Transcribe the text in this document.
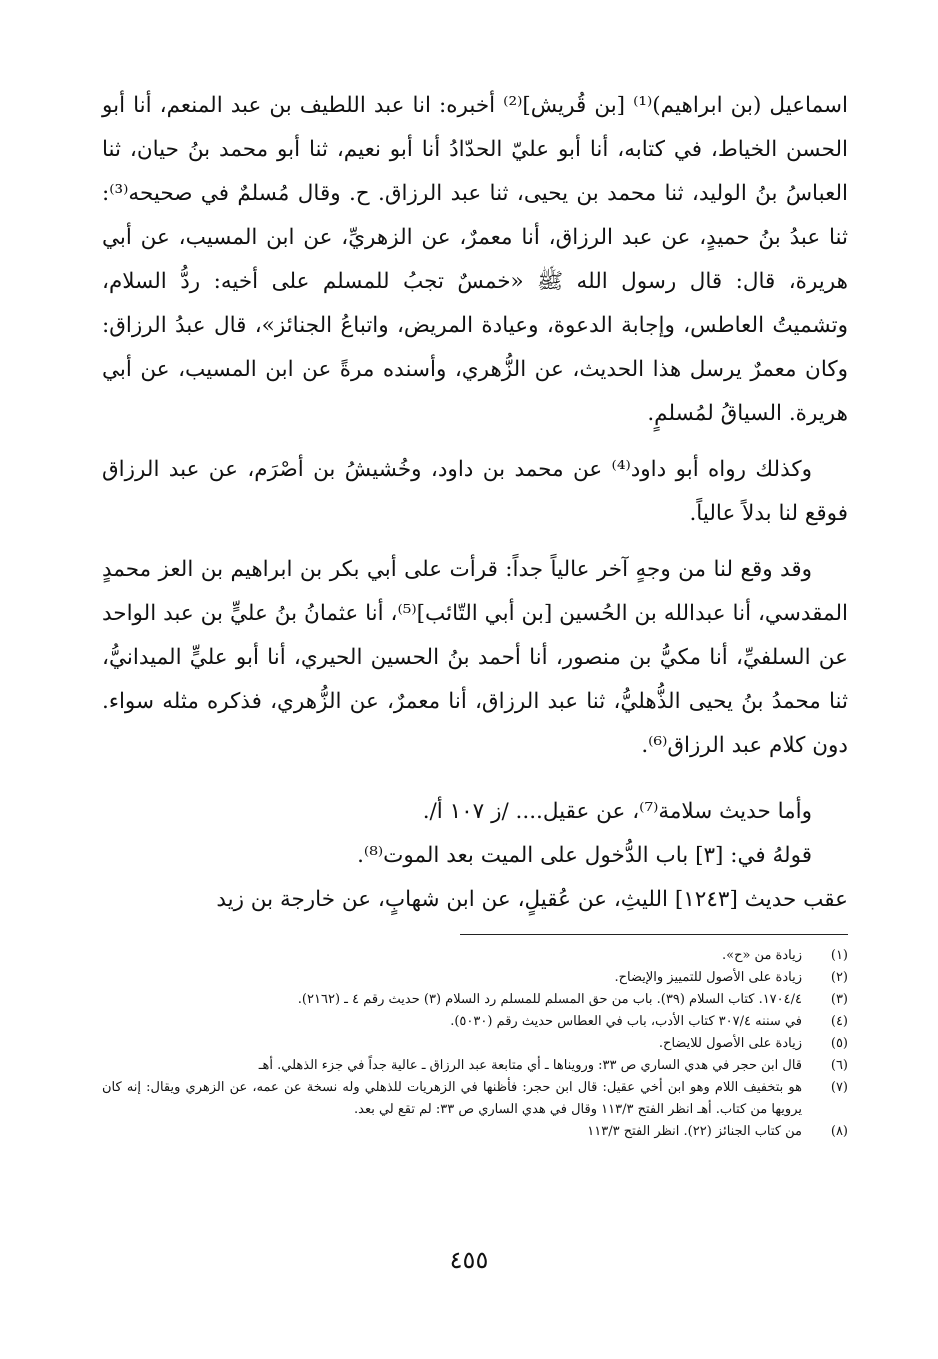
اسماعيل (بن ابراهيم)⁽¹⁾ [بن قُريش]⁽²⁾ أخبره: انا عبد اللطيف بن عبد المنعم، أنا أبو الحسن الخياط، في كتابه، أنا أبو عليّ الحدّادُ أنا أبو نعيم، ثنا أبو محمد بنُ حيان، ثنا العباسُ بنُ الوليد، ثنا محمد بن يحيى، ثنا عبد الرزاق. ح. وقال مُسلمٌ في صحيحه⁽³⁾: ثنا عبدُ بنُ حميدٍ، عن عبد الرزاق، أنا معمرٌ، عن الزهريِّ، عن ابن المسيب، عن أبي هريرة، قال: قال رسول الله ﷺ «خمسٌ تجبُ للمسلم على أخيه: ردُّ السلام، وتشميتُ العاطس، وإجابة الدعوة، وعيادة المريض، واتباعُ الجنائز»، قال عبدُ الرزاق: وكان معمرٌ يرسل هذا الحديث، عن الزُّهري، وأسنده مرةً عن ابن المسيب، عن أبي هريرة. السياقُ لمُسلمٍ.

وكذلك رواه أبو داود⁽⁴⁾ عن محمد بن داود، وخُشيشُ بن أصْرَم، عن عبد الرزاق فوقع لنا بدلاً عالياً.

وقد وقع لنا من وجهٍ آخر عالياً جداً: قرأت على أبي بكر بن ابراهيم بن العز محمدٍ المقدسي، أنا عبدالله بن الحُسين [بن أبي التّائب]⁽⁵⁾، أنا عثمانُ بنُ عليٍّ بن عبد الواحد عن السلفيِّ، أنا مكيُّ بن منصور، أنا أحمد بنُ الحسين الحيري، أنا أبو عليٍّ الميدانيُّ، ثنا محمدُ بنُ يحيى الذُّهليُّ، ثنا عبد الرزاق، أنا معمرٌ، عن الزُّهري، فذكره مثله سواء. دون كلام عبد الرزاق⁽⁶⁾.

وأما حديث سلامة⁽⁷⁾، عن عقيل.... /ز ١٠٧ أ/.

قولهُ في: [٣] باب الدُّخول على الميت بعد الموت⁽⁸⁾.

عقب حديث [١٢٤٣] الليثِ، عن عُقيلٍ، عن ابن شهابٍ، عن خارجة بن زيد

(١)
زيادة من «ح».
(٢)
زيادة على الأصول للتمييز والإيضاح.
(٣)
١٧٠٤/٤. كتاب السلام (٣٩). باب من حق المسلم للمسلم رد السلام (٣) حديث رقم ٤ ـ (٢١٦٢).
(٤)
في سننه ٣٠٧/٤ كتاب الأدب، باب في العطاس حديث رقم (٥٠٣٠).
(٥)
زيادة على الأصول للايضاح.
(٦)
قال ابن حجر في هدي الساري ص ٣٣: ورويناها ـ أي متابعة عبد الرزاق ـ عالية جداً في جزء الذهلي. أهـ
(٧)
هو بتخفيف اللام وهو ابن أخي عقيل: قال ابن حجر: فأظنها في الزهريات للذهلي وله نسخة عن عمه، عن الزهري ويقال: إنه كان يرويها من كتاب. أهـ انظر الفتح ١١٣/٣ وقال في هدي الساري ص ٣٣: لم تقع لي بعد.
(٨)
من كتاب الجنائز (٢٢). انظر الفتح ١١٣/٣
٤٥٥
